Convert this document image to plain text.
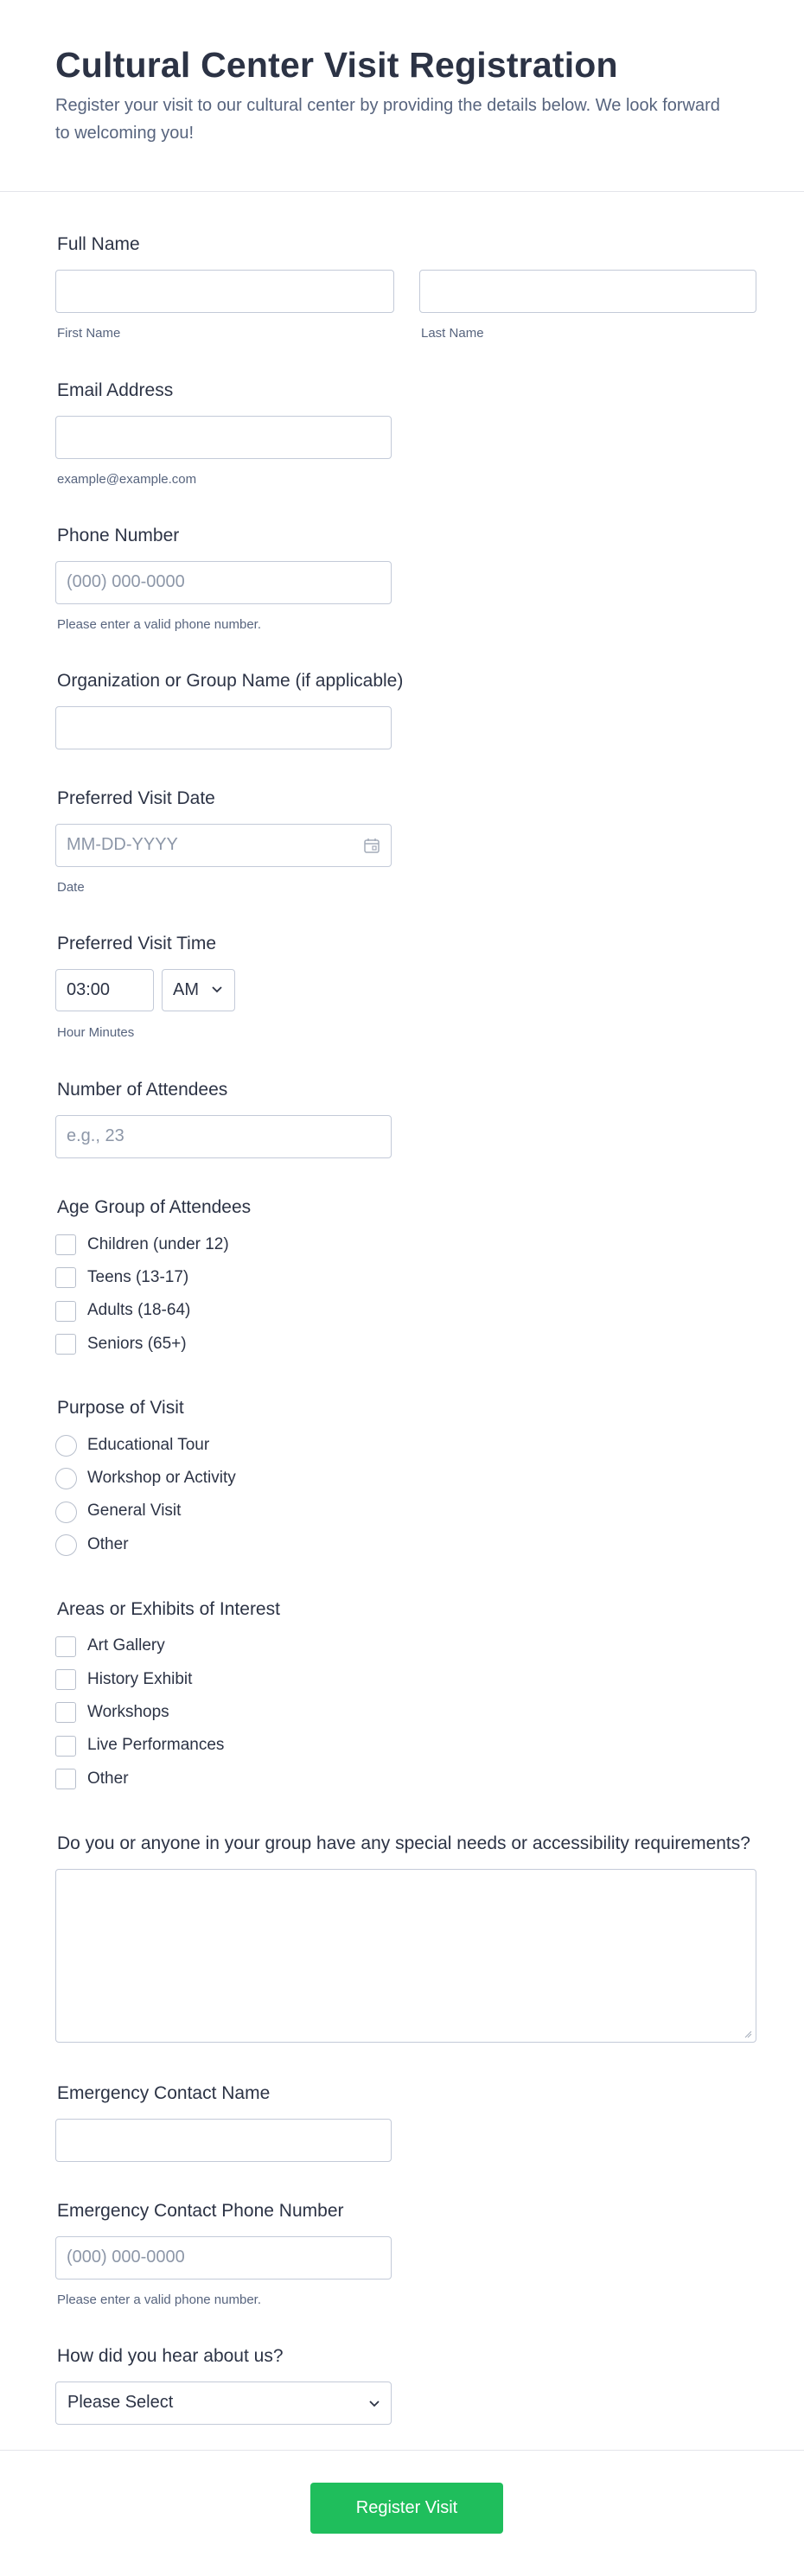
Cultural Center Visit Registration

Register your visit to our cultural center by providing the details below. We look forward to welcoming you!

Full Name
First Name	Last Name
Email Address
example@example.com
Phone Number
(000) 000-0000
Please enter a valid phone number.
Organization or Group Name (if applicable)
Preferred Visit Date
MM-DD-YYYY
Date
Preferred Visit Time
03:00	AM
Hour Minutes
Number of Attendees
e.g., 23
Age Group of Attendees
Children (under 12)
Teens (13-17)
Adults (18-64)
Seniors (65+)
Purpose of Visit
Educational Tour
Workshop or Activity
General Visit
Other
Areas or Exhibits of Interest
Art Gallery
History Exhibit
Workshops
Live Performances
Other
Do you or anyone in your group have any special needs or accessibility requirements?
Emergency Contact Name
Emergency Contact Phone Number
(000) 000-0000
Please enter a valid phone number.
How did you hear about us?
Please Select
Register Visit
